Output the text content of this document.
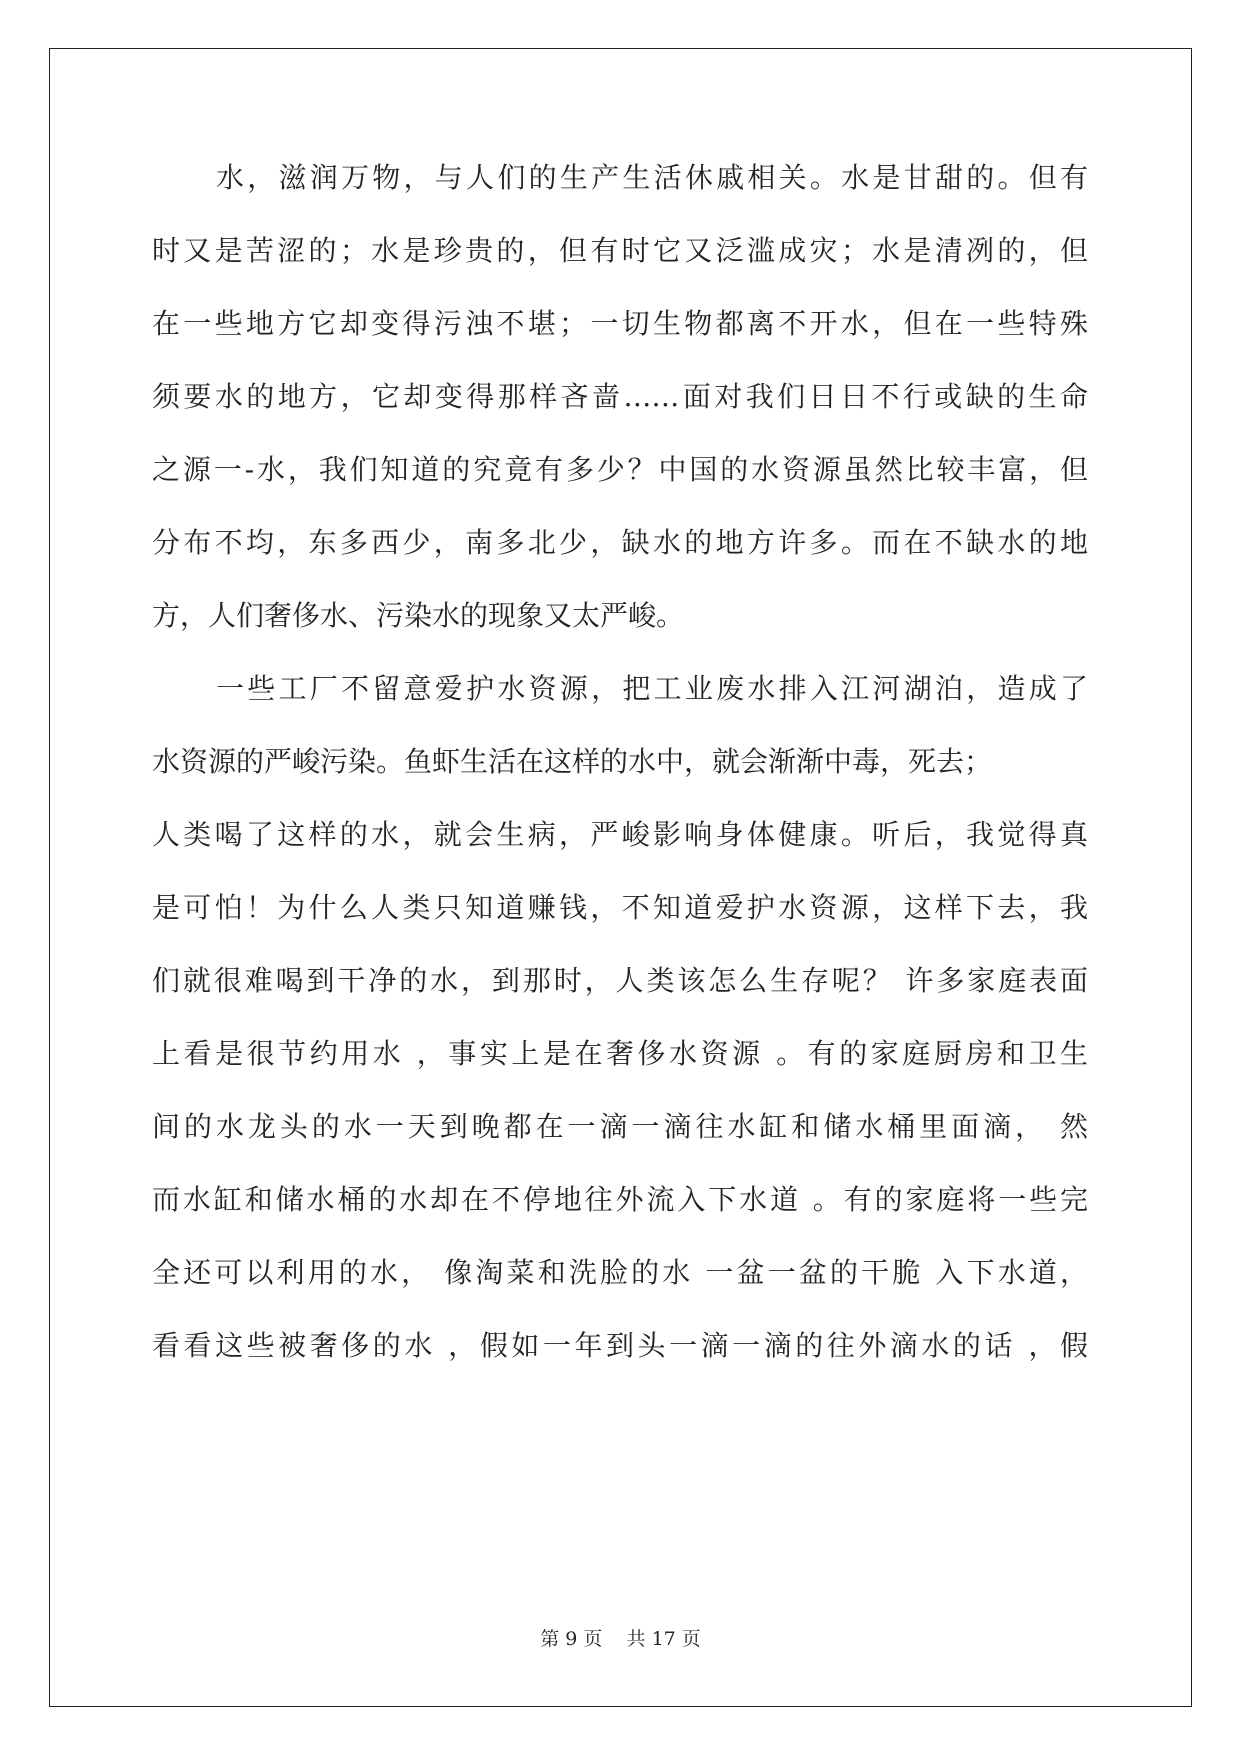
水，滋润万物，与人们的生产生活休戚相关。水是甘甜的。但有
时又是苦涩的；水是珍贵的，但有时它又泛滥成灾；水是清冽的，但
在一些地方它却变得污浊不堪；一切生物都离不开水，但在一些特殊
须要水的地方，它却变得那样吝啬……面对我们日日不行或缺的生命
之源一-水，我们知道的究竟有多少？中国的水资源虽然比较丰富，但
分布不均，东多西少，南多北少，缺水的地方许多。而在不缺水的地
方，人们奢侈水、污染水的现象又太严峻。
一些工厂不留意爱护水资源，把工业废水排入江河湖泊，造成了
水资源的严峻污染。鱼虾生活在这样的水中，就会渐渐中毒，死去；
人类喝了这样的水，就会生病，严峻影响身体健康。听后，我觉得真
是可怕！为什么人类只知道赚钱，不知道爱护水资源，这样下去，我
们就很难喝到干净的水，到那时，人类该怎么生存呢？ 许多家庭表面
上看是很节约用水 ，事实上是在奢侈水资源 。有的家庭厨房和卫生
间的水龙头的水一天到晚都在一滴一滴往水缸和储水桶里面滴， 然
而水缸和储水桶的水却在不停地往外流入下水道 。有的家庭将一些完
全还可以利用的水， 像淘菜和洗脸的水 一盆一盆的干脆 入下水道，
看看这些被奢侈的水 ，假如一年到头一滴一滴的往外滴水的话 ，假
第 9 页    共 17 页
